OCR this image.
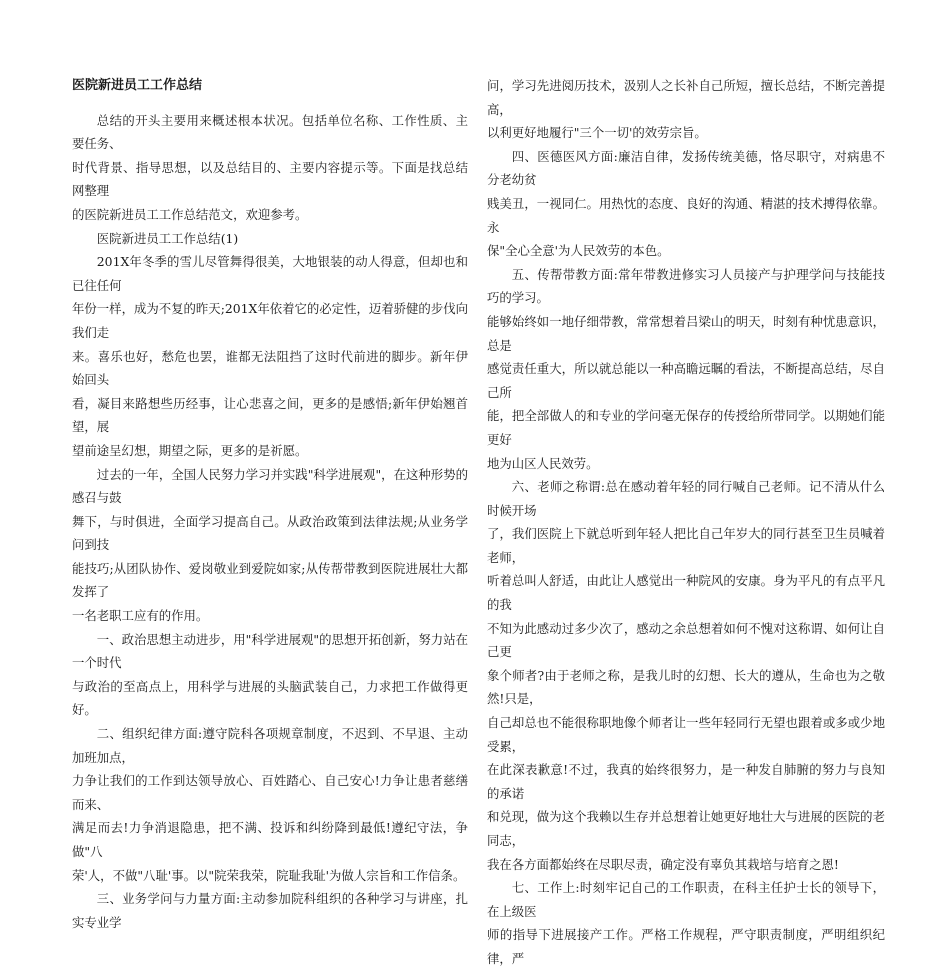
医院新进员工工作总结

总结的开头主要用来概述根本状况。包括单位名称、工作性质、主要任务、
时代背景、指导思想，以及总结目的、主要内容提示等。下面是找总结网整理
的医院新进员工工作总结范文，欢迎参考。

医院新进员工工作总结(1)

201X年冬季的雪儿尽管舞得很美，大地银装的动人得意，但却也和已往任何
年份一样，成为不复的昨天;201X年依着它的必定性，迈着骄健的步伐向我们走
来。喜乐也好，愁危也罢，谁都无法阻挡了这时代前进的脚步。新年伊始回头
看，凝目来路想些历经事，让心悲喜之间，更多的是感悟;新年伊始翘首望，展
望前途呈幻想，期望之际，更多的是祈愿。

过去的一年，全国人民努力学习并实践"科学进展观"，在这种形势的感召与鼓
舞下，与时俱进，全面学习提高自己。从政治政策到法律法规;从业务学问到技
能技巧;从团队协作、爱岗敬业到爱院如家;从传帮带教到医院进展壮大都发挥了
一名老职工应有的作用。

一、政治思想主动进步，用"科学进展观"的思想开拓创新，努力站在一个时代
与政治的至高点上，用科学与进展的头脑武装自己，力求把工作做得更好。

二、组织纪律方面:遵守院科各项规章制度，不迟到、不早退、主动加班加点，
力争让我们的工作到达领导放心、百姓踏心、自己安心!力争让患者慈缮而来、
满足而去!力争消退隐患，把不满、投诉和纠纷降到最低!遵纪守法，争做"八
荣'人，不做"八耻'事。以"院荣我荣，院耻我耻'为做人宗旨和工作信条。

三、业务学问与力量方面:主动参加院科组织的各种学习与讲座，扎实专业学

问，学习先进阅历技术，汲别人之长补自己所短，擅长总结，不断完善提高，
以利更好地履行"三个一切'的效劳宗旨。

四、医德医风方面:廉洁自律，发扬传统美德，恪尽职守，对病患不分老幼贫
贱美丑，一视同仁。用热忱的态度、良好的沟通、精湛的技术搏得依靠。永
保"全心全意'为人民效劳的本色。

五、传帮带教方面:常年带教进修实习人员接产与护理学问与技能技巧的学习。
能够始终如一地仔细带教，常常想着吕梁山的明天，时刻有种忧患意识，总是
感觉责任重大，所以就总能以一种高瞻远瞩的看法，不断提高总结，尽自己所
能，把全部做人的和专业的学问毫无保存的传授给所带同学。以期她们能更好
地为山区人民效劳。

六、老师之称谓:总在感动着年轻的同行喊自己老师。记不清从什么时候开场
了，我们医院上下就总听到年轻人把比自己年岁大的同行甚至卫生员喊着老师，
听着总叫人舒适，由此让人感觉出一种院风的安康。身为平凡的有点平凡的我
不知为此感动过多少次了，感动之余总想着如何不愧对这称谓、如何让自己更
象个师者?由于老师之称，是我儿时的幻想、长大的遵从，生命也为之敬然!只是，
自己却总也不能很称职地像个师者让一些年轻同行无望也跟着或多或少地受累，
在此深表歉意!不过，我真的始终很努力，是一种发自肺腑的努力与良知的承诺
和兑现，做为这个我赖以生存并总想着让她更好地壮大与进展的医院的老同志，
我在各方面都始终在尽职尽责，确定没有辜负其栽培与培育之恩!

七、工作上:时刻牢记自己的工作职责，在科主任护士长的领导下，在上级医
师的指导下进展接产工作。严格工作规程，严守职责制度，严明组织纪律，严
